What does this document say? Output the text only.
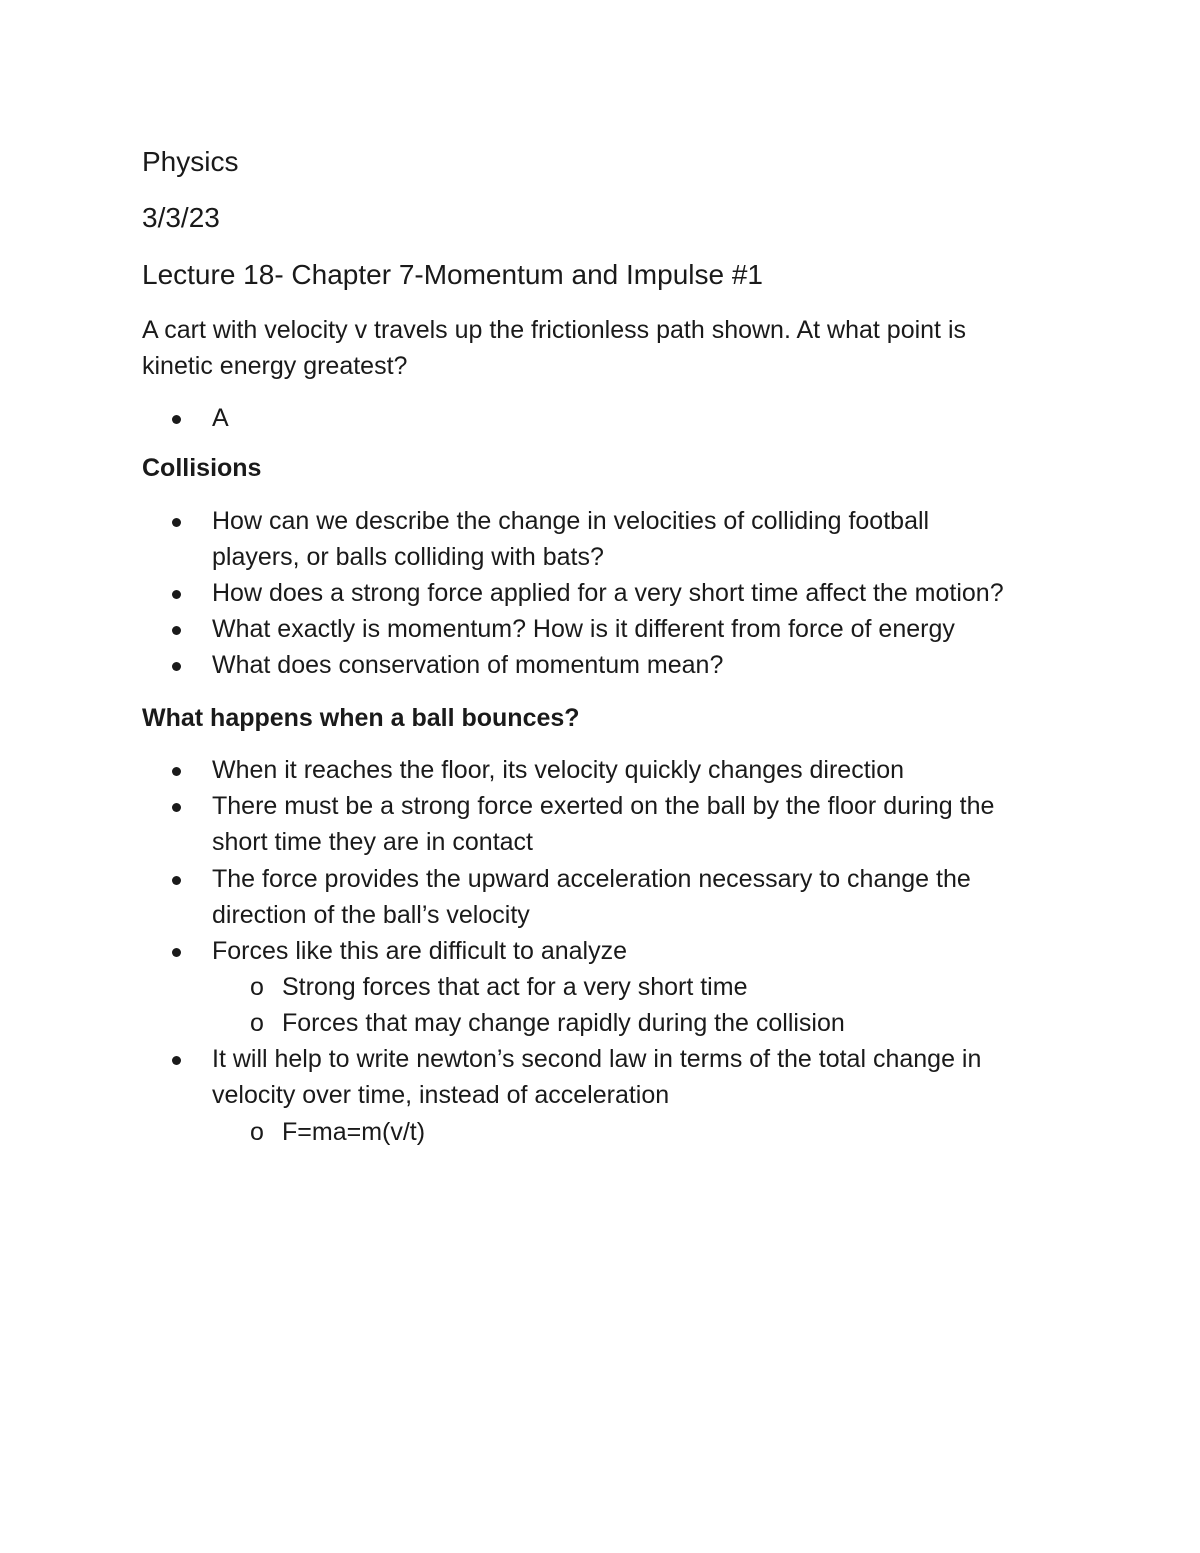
Physics
3/3/23
Lecture 18- Chapter 7-Momentum and Impulse #1
A cart with velocity v travels up the frictionless path shown. At what point is
kinetic energy greatest?
A
Collisions
How can we describe the change in velocities of colliding football
players, or balls colliding with bats?
How does a strong force applied for a very short time affect the motion?
What exactly is momentum? How is it different from force of energy
What does conservation of momentum mean?
What happens when a ball bounces?
When it reaches the floor, its velocity quickly changes direction
There must be a strong force exerted on the ball by the floor during the
short time they are in contact
The force provides the upward acceleration necessary to change the
direction of the ball’s velocity
Forces like this are difficult to analyze
o Strong forces that act for a very short time
o Forces that may change rapidly during the collision
It will help to write newton’s second law in terms of the total change in
velocity over time, instead of acceleration
o F=ma=m(v/t)
